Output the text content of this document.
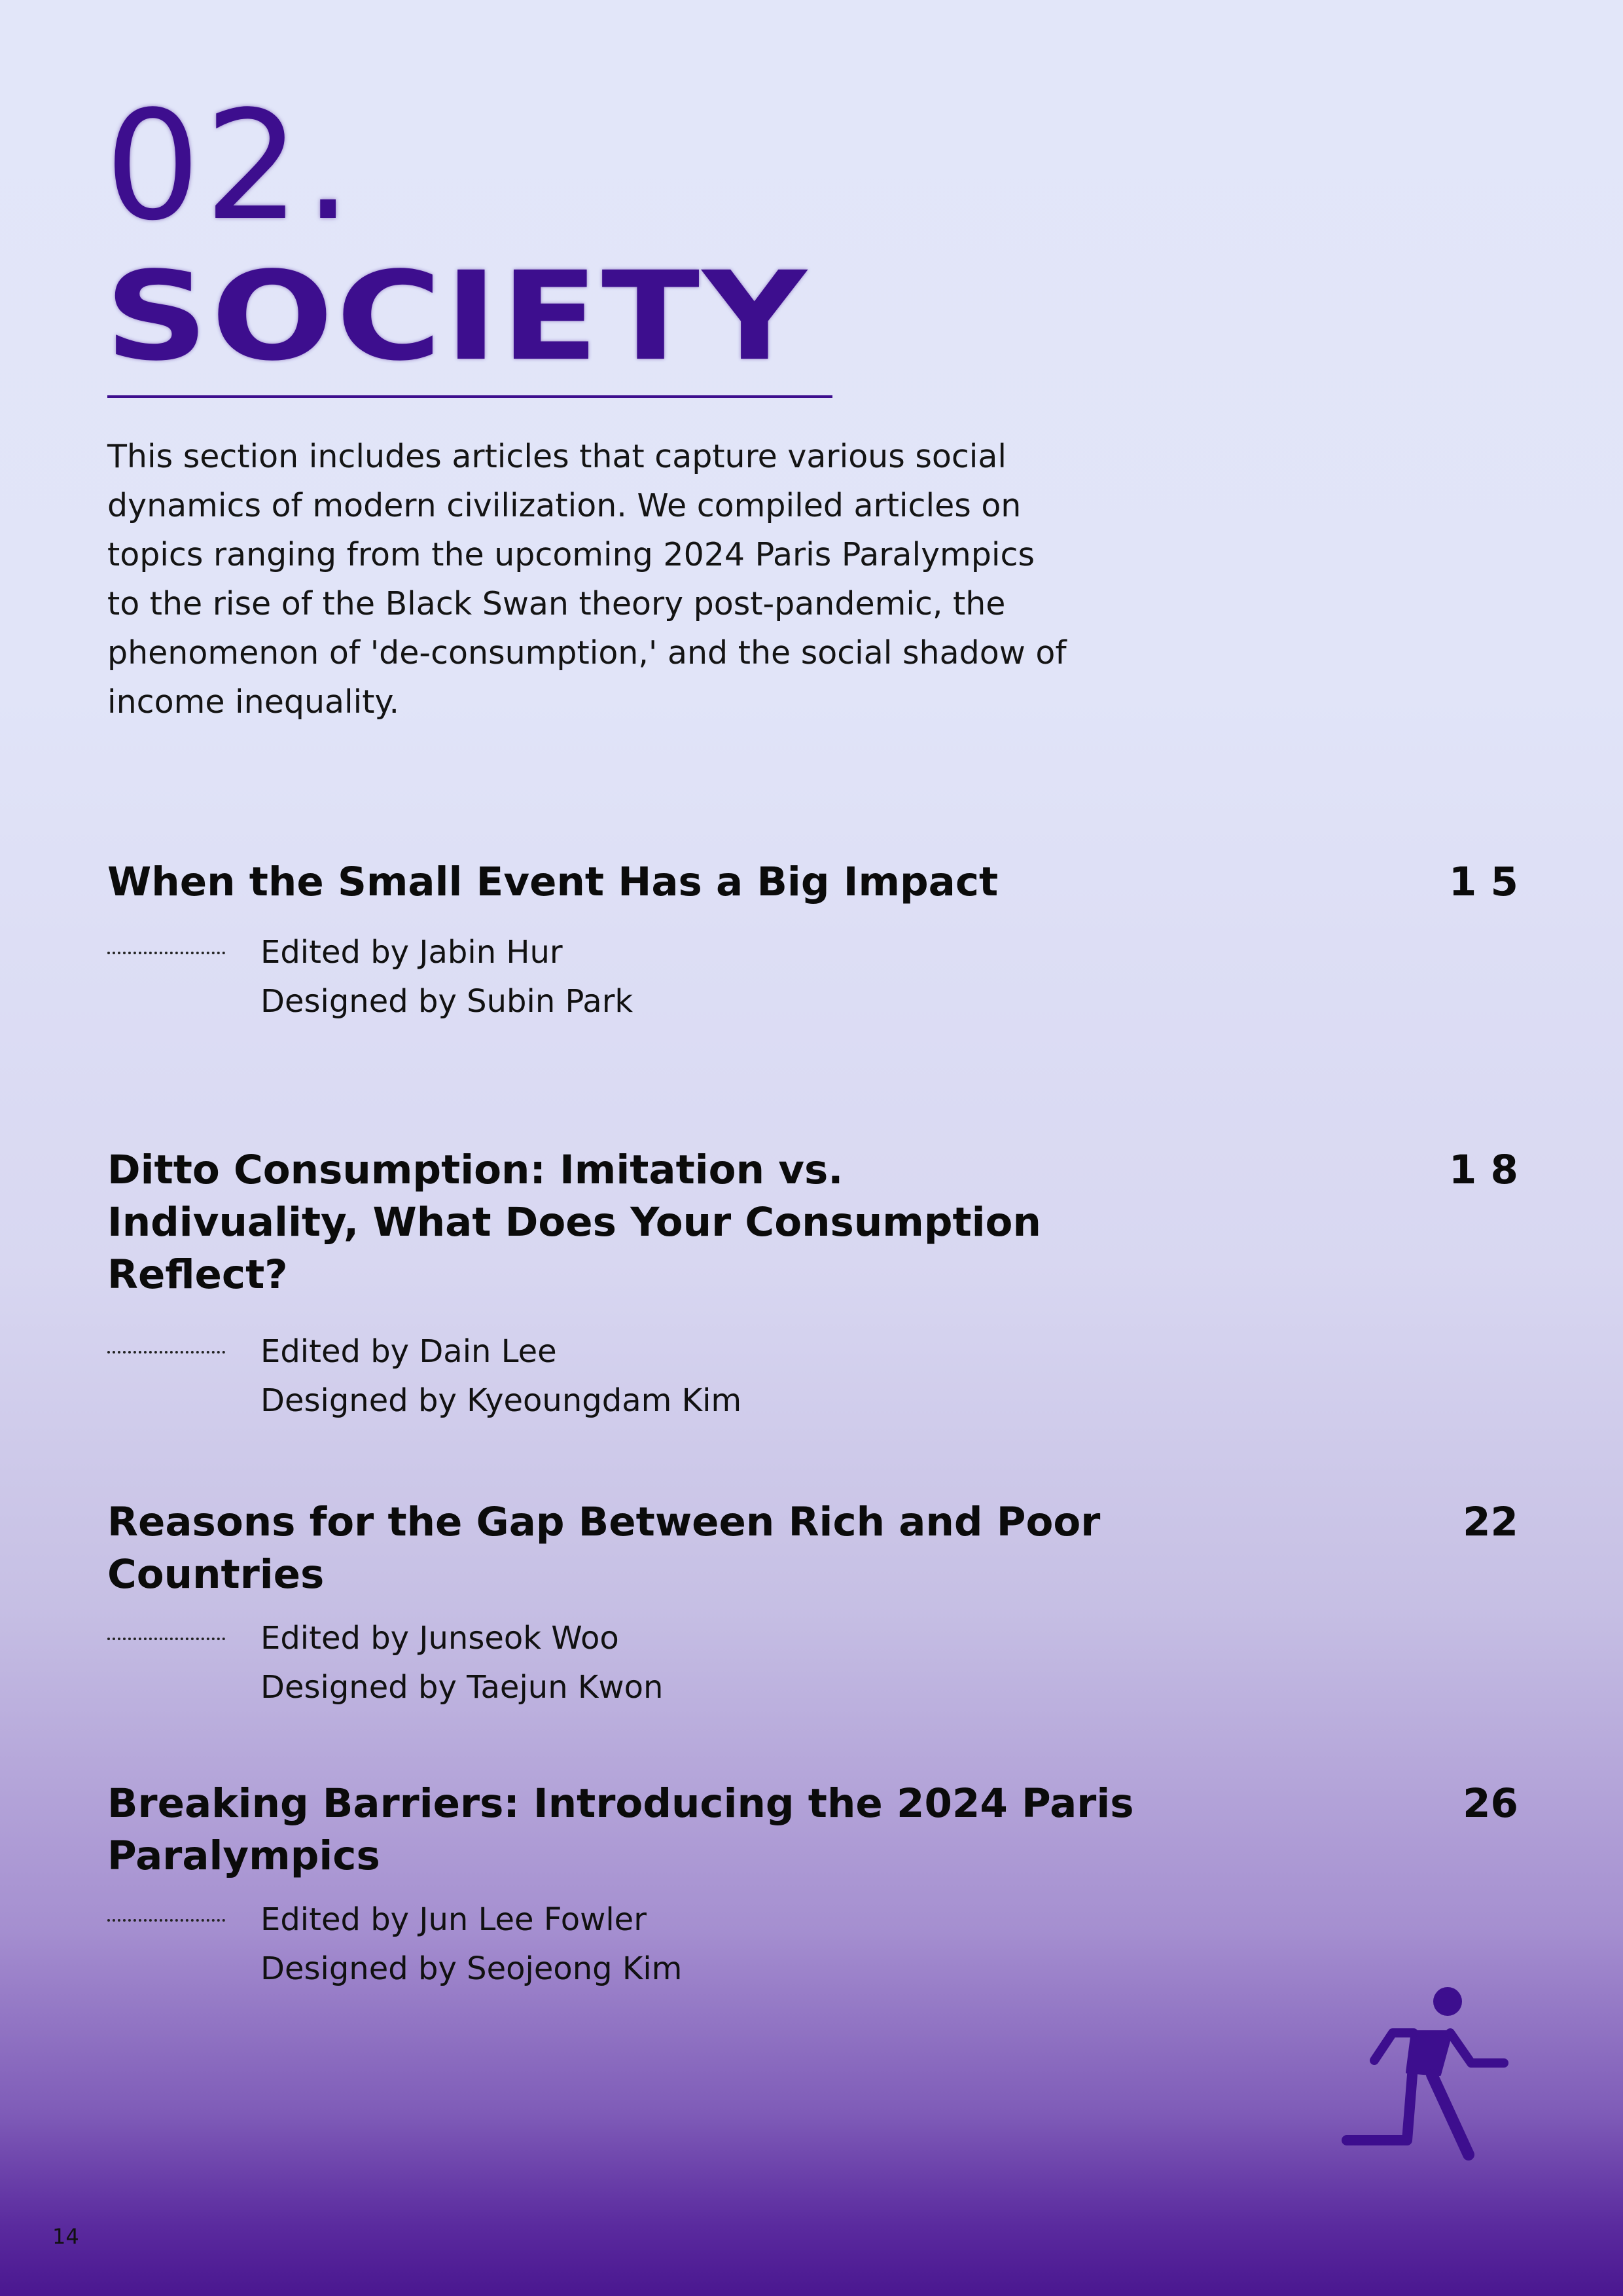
02.
SOCIETY

This section includes articles that capture various social dynamics of modern civilization. We compiled articles on topics ranging from the upcoming 2024 Paris Paralympics to the rise of the Black Swan theory post-pandemic, the phenomenon of 'de-consumption,' and the social shadow of income inequality.

When the Small Event Has a Big Impact	1 5
Edited by Jabin Hur
Designed by Subin Park
Ditto Consumption: Imitation vs. Indivuality, What Does Your Consumption Reflect?
1 8
Edited by Dain Lee
Designed by Kyeoungdam Kim
Reasons for the Gap Between Rich and Poor Countries
22
Edited by Junseok Woo
Designed by Taejun Kwon
Breaking Barriers: Introducing the 2024 Paris Paralympics
26
Edited by Jun Lee Fowler
Designed by Seojeong Kim
14
